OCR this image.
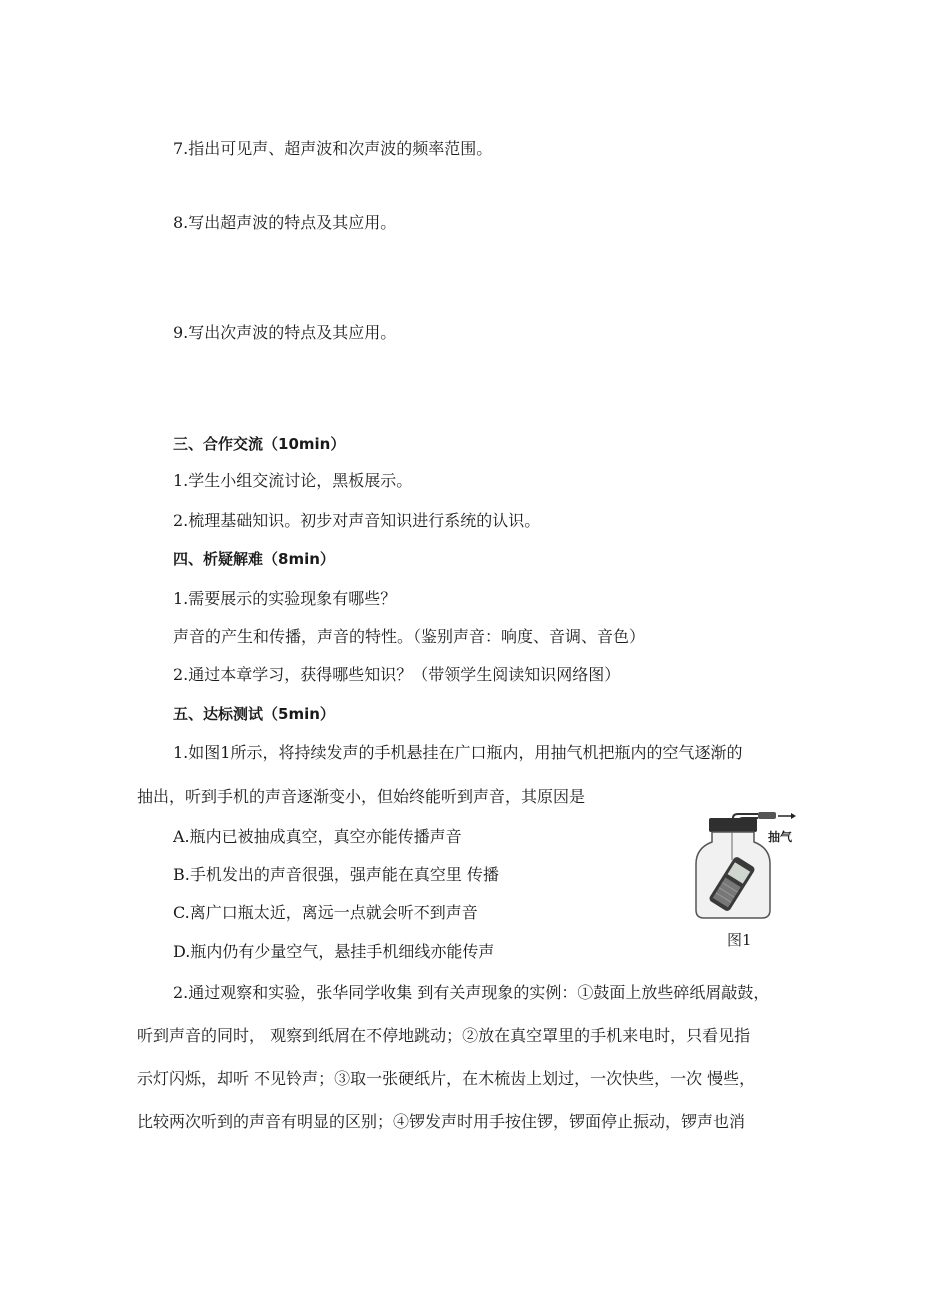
7.指出可见声、超声波和次声波的频率范围。
8.写出超声波的特点及其应用。
9.写出次声波的特点及其应用。
三、合作交流（10min）
1.学生小组交流讨论，黑板展示。
2.梳理基础知识。初步对声音知识进行系统的认识。
四、析疑解难（8min）
1.需要展示的实验现象有哪些？
声音的产生和传播，声音的特性。（鉴别声音：响度、音调、音色）
2.通过本章学习，获得哪些知识？（带领学生阅读知识网络图）
五、达标测试（5min）
1.如图1所示，将持续发声的手机悬挂在广口瓶内，用抽气机把瓶内的空气逐渐的
抽出，听到手机的声音逐渐变小，但始终能听到声音，其原因是
A.瓶内已被抽成真空，真空亦能传播声音
B.手机发出的声音很强，强声能在真空里 传播
C.离广口瓶太近，离远一点就会听不到声音
D.瓶内仍有少量空气，悬挂手机细线亦能传声
抽气
图1
2.通过观察和实验，张华同学收集 到有关声现象的实例：①鼓面上放些碎纸屑敲鼓，
听到声音的同时， 观察到纸屑在不停地跳动；②放在真空罩里的手机来电时，只看见指
示灯闪烁，却听 不见铃声；③取一张硬纸片，在木梳齿上划过，一次快些，一次 慢些，
比较两次听到的声音有明显的区别；④锣发声时用手按住锣，锣面停止振动，锣声也消
